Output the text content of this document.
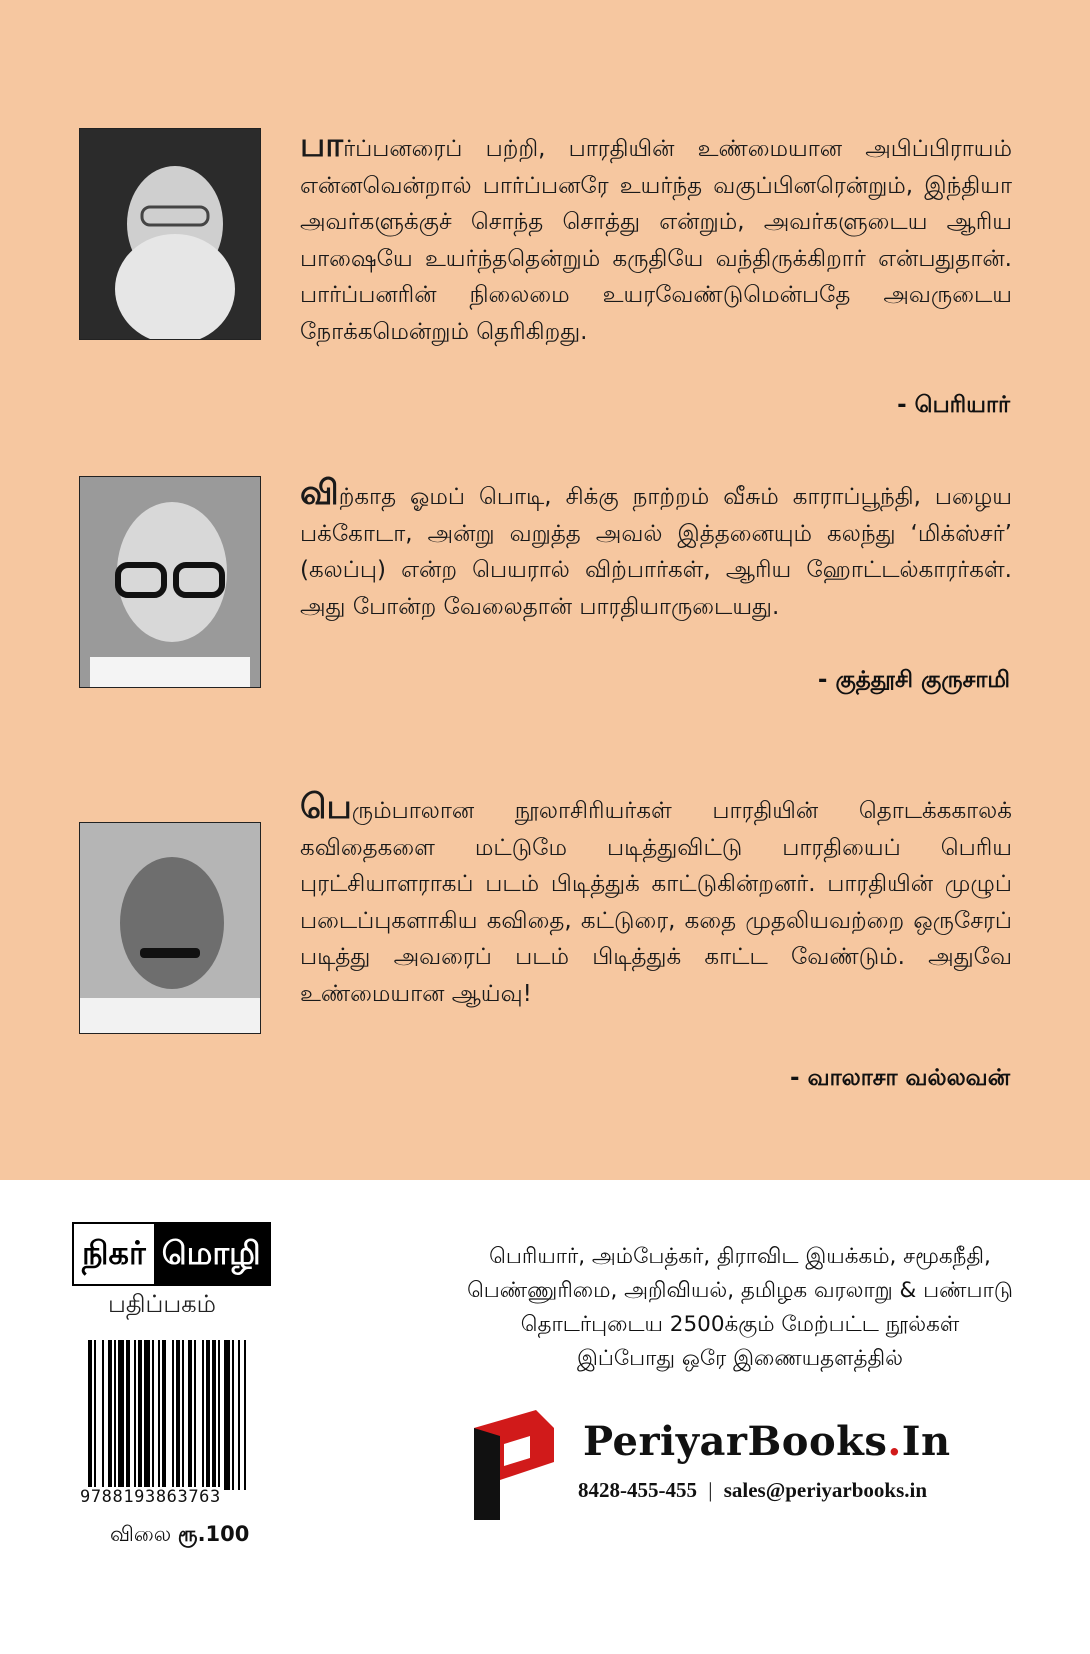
பார்ப்பனரைப் பற்றி, பாரதியின் உண்மையான அபிப்பிராயம் என்னவென்றால் பார்ப்பனரே உயர்ந்த வகுப்பினரென்றும், இந்தியா அவர்களுக்குச் சொந்த சொத்து என்றும், அவர்களுடைய ஆரிய பாஷையே உயர்ந்ததென்றும் கருதியே வந்திருக்கிறார் என்பதுதான். பார்ப்பனரின் நிலைமை உயரவேண்டுமென்பதே அவருடைய நோக்கமென்றும் தெரிகிறது.
- பெரியார்
விற்காத ஓமப் பொடி, சிக்கு நாற்றம் வீசும் காராப்பூந்தி, பழைய பக்கோடா, அன்று வறுத்த அவல் இத்தனையும் கலந்து ‘மிக்ஸ்சர்’ (கலப்பு) என்ற பெயரால் விற்பார்கள், ஆரிய ஹோட்டல்காரர்கள். அது போன்ற வேலைதான் பாரதியாருடையது.
- குத்தூசி குருசாமி
பெரும்பாலான நூலாசிரியர்கள் பாரதியின் தொடக்ககாலக் கவிதைகளை மட்டுமே படித்துவிட்டு பாரதியைப் பெரிய புரட்சியாளராகப் படம் பிடித்துக் காட்டுகின்றனர். பாரதியின் முழுப் படைப்புகளாகிய கவிதை, கட்டுரை, கதை முதலியவற்றை ஒருசேரப் படித்து அவரைப் படம் பிடித்துக் காட்ட வேண்டும். அதுவே உண்மையான ஆய்வு!
- வாலாசா வல்லவன்
நிகர் மொழி
பதிப்பகம்
9788193863763
விலை ரூ.100
பெரியார், அம்பேத்கர், திராவிட இயக்கம், சமூகநீதி,
பெண்ணுரிமை, அறிவியல், தமிழக வரலாறு & பண்பாடு
தொடர்புடைய 2500க்கும் மேற்பட்ட நூல்கள்
இப்போது ஒரே இணையதளத்தில்
PeriyarBooks.In
8428-455-455 | sales@periyarbooks.in
